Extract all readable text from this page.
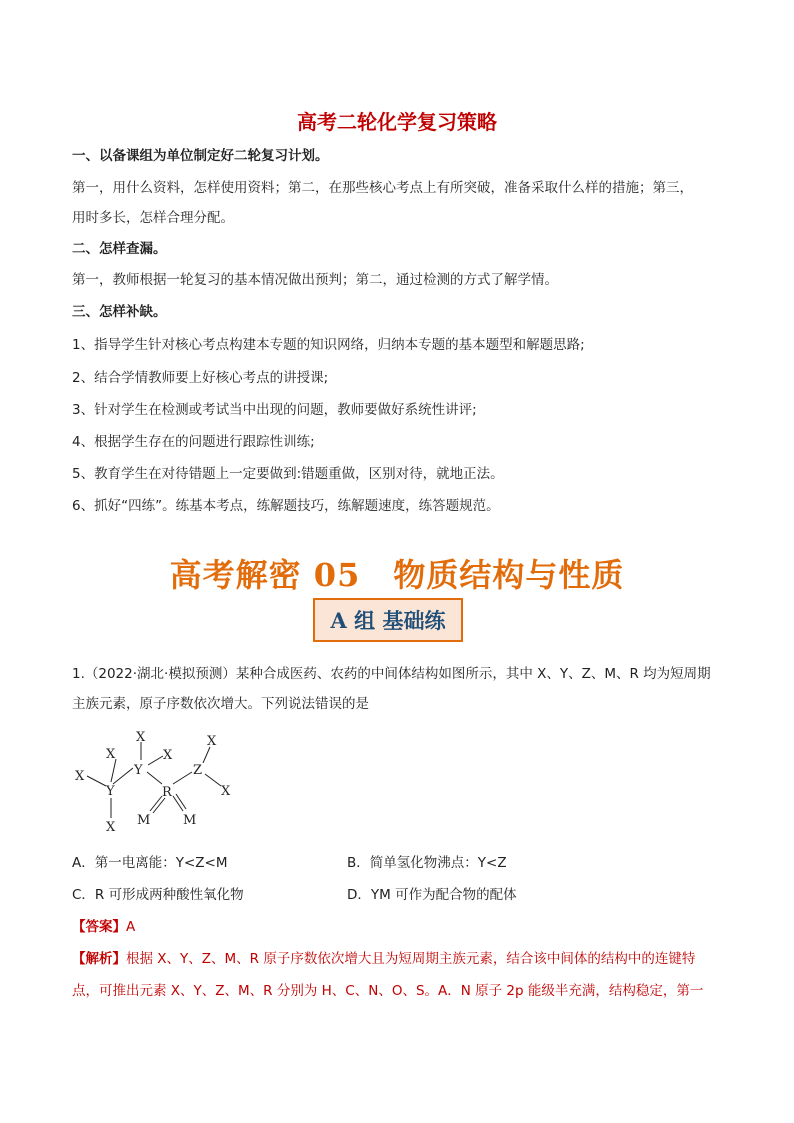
高考二轮化学复习策略
一、以备课组为单位制定好二轮复习计划。
第一，用什么资料，怎样使用资料；第二，在那些核心考点上有所突破，准备采取什么样的措施；第三，
用时多长，怎样合理分配。
二、怎样查漏。
第一，教师根据一轮复习的基本情况做出预判；第二，通过检测的方式了解学情。
三、怎样补缺。
1、指导学生针对核心考点构建本专题的知识网络，归纳本专题的基本题型和解题思路;
2、结合学情教师要上好核心考点的讲授课;
3、针对学生在检测或考试当中出现的问题，教师要做好系统性讲评;
4、根据学生存在的问题进行跟踪性训练;
5、教育学生在对待错题上一定要做到:错题重做，区别对待，就地正法。
6、抓好“四练”。练基本考点，练解题技巧，练解题速度，练答题规范。
高考解密 05　物质结构与性质
A 组 基础练
1.（2022·湖北·模拟预测）某种合成医药、农药的中间体结构如图所示，其中 X、Y、Z、M、R 均为短周期
主族元素，原子序数依次增大。下列说法错误的是
X
X
X
X
X
Y
Y
X
Z
X
R
M	M
A．第一电离能：Y<Z<M	B．简单氢化物沸点：Y<Z
C．R 可形成两种酸性氧化物	D．YM 可作为配合物的配体
【答案】A
【解析】根据 X、Y、Z、M、R 原子序数依次增大且为短周期主族元素，结合该中间体的结构中的连键特
点，可推出元素 X、Y、Z、M、R 分别为 H、C、N、O、S。A．N 原子 2p 能级半充满，结构稳定，第一
